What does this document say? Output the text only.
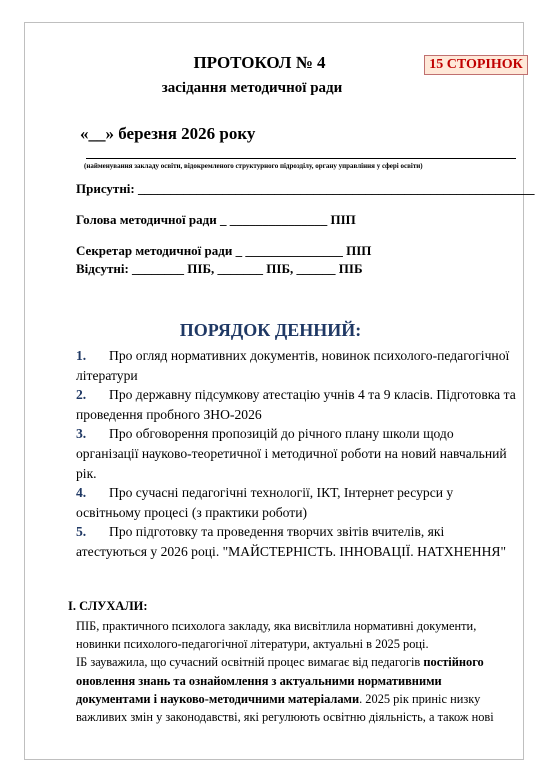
ПРОТОКОЛ № 4	15 СТОРІНОК
засідання методичної ради
«__» березня 2026 року
(найменування закладу освіти, відокремленого структурного підрозділу, органу управління у сфері освіти)
Присутні: _____________________________________________________________
Голова методичної ради _ _______________ ПІП
Секретар методичної ради _ _______________ ПІП
Відсутні: ________ ПІБ, _______ ПІБ, ______ ПІБ
ПОРЯДОК ДЕННИЙ:

1. Про огляд нормативних документів, новинок психолого-педагогічної літератури

2. Про державну підсумкову атестацію учнів 4 та 9 класів. Підготовка та проведення пробного ЗНО-2026

3. Про обговорення пропозицій до річного плану школи щодо організації науково-теоретичної і методичної роботи на новий навчальний рік.

4. Про сучасні педагогічні технології, ІКТ, Інтернет ресурси у освітньому процесі (з практики роботи)

5. Про підготовку та проведення творчих звітів вчителів, які атестуються у 2026 році. "МАЙСТЕРНІСТЬ. ІННОВАЦІЇ. НАТХНЕННЯ"

І. СЛУХАЛИ:

ПІБ, практичного психолога закладу, яка висвітлила нормативні документи, новинки психолого-педагогічної літератури, актуальні в 2025 році.

ІБ зауважила, що сучасний освітній процес вимагає від педагогів постійного оновлення знань та ознайомлення з актуальними нормативними документами і науково-методичними матеріалами. 2025 рік приніс низку важливих змін у законодавстві, які регулюють освітню діяльність, а також нові
